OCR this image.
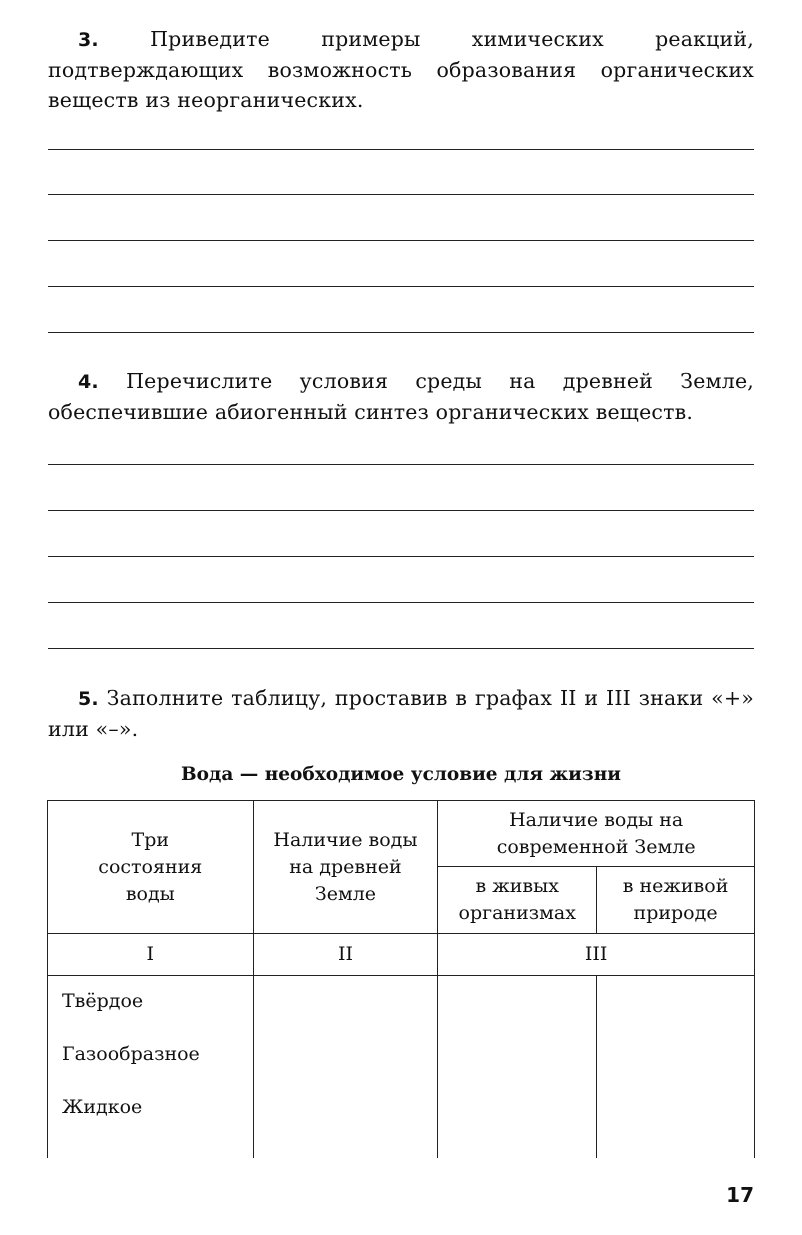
3. Приведите примеры химических реакций, подтверждающих возможность образования органических веществ из неорганических.
4. Перечислите условия среды на древней Земле, обеспечившие абиогенный синтез органических веществ.
5. Заполните таблицу, проставив в графах II и III знаки «+» или «–».
Вода — необходимое условие для жизни
Три состояния воды	Наличие воды на древней Земле	Наличие воды на современной Земле	

		в живых организмах	в неживой природе

I	II	III	

Твёрдое
Газообразное
Жидкое			

17
